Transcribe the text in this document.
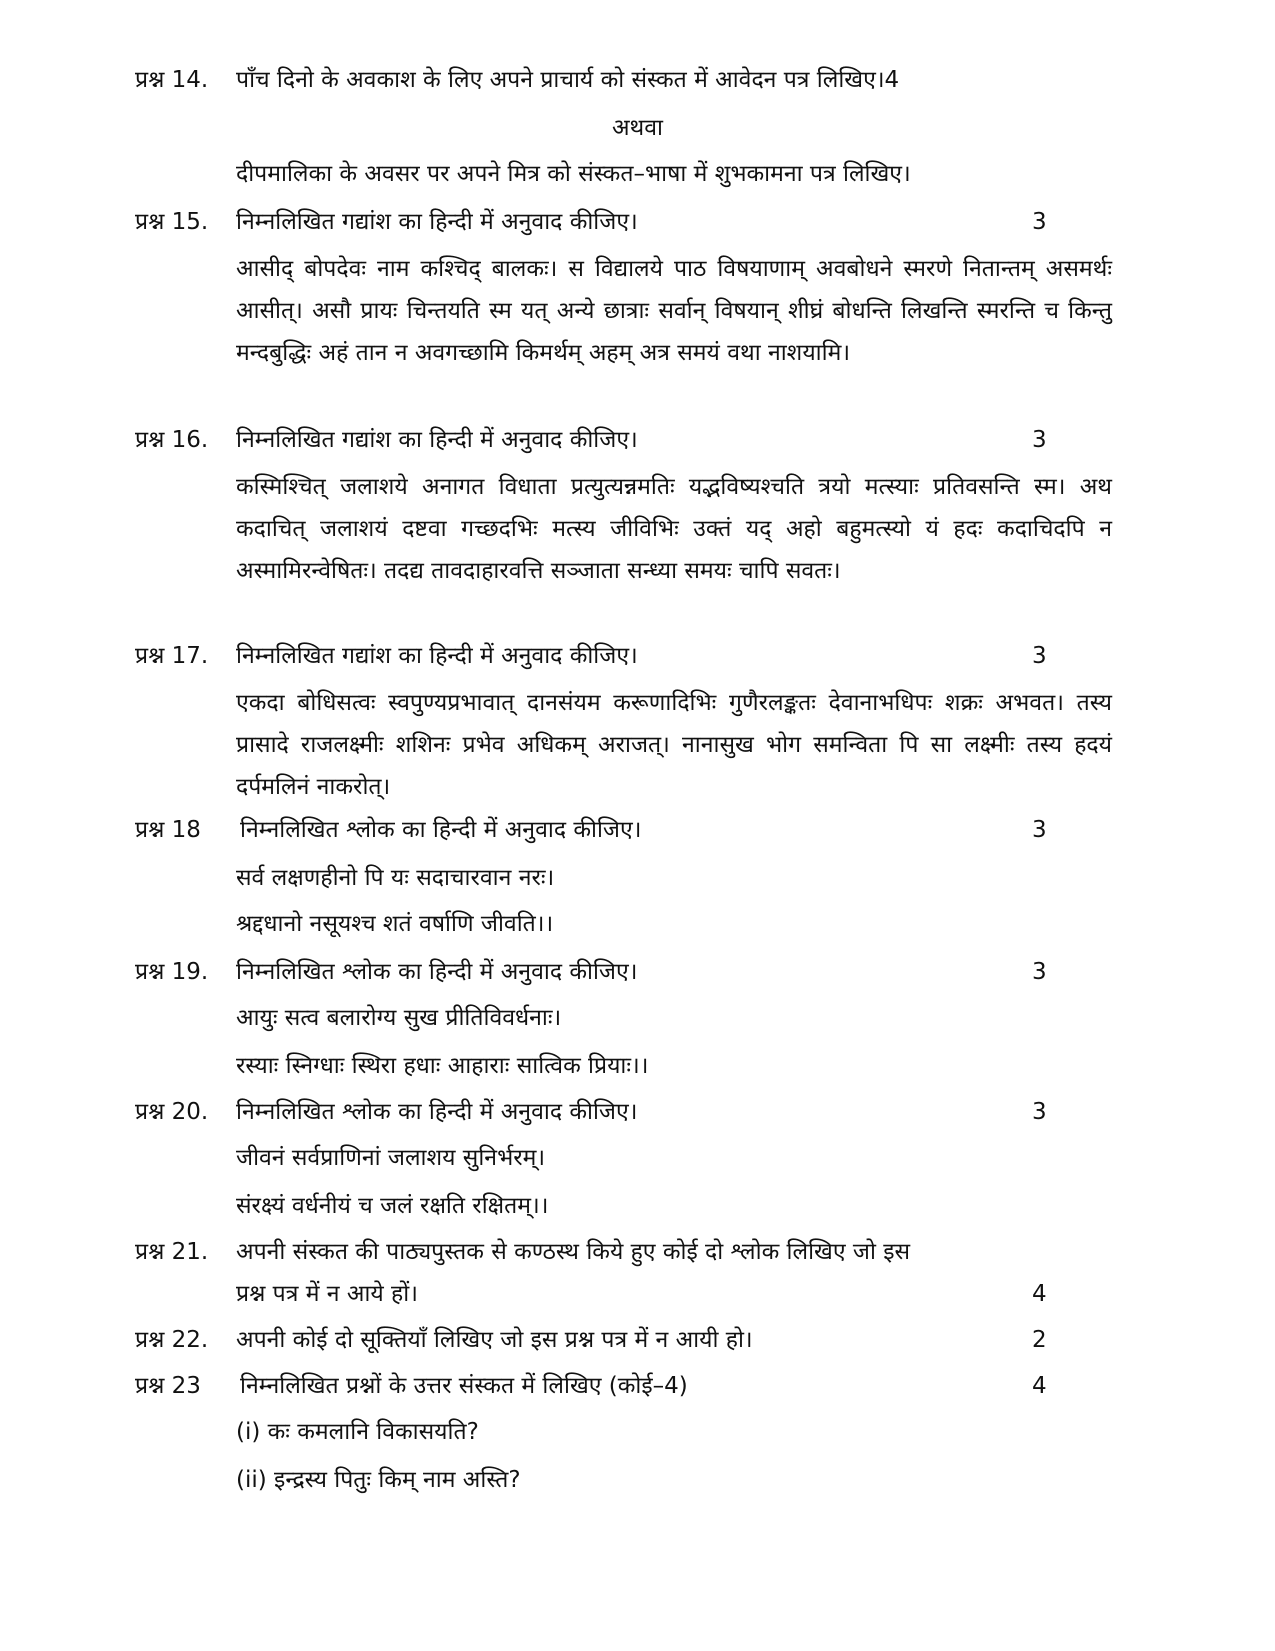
प्रश्न 14. पाँच दिनो के अवकाश के लिए अपने प्राचार्य को संस्कत में आवेदन पत्र लिखिए।4
अथवा
दीपमालिका के अवसर पर अपने मित्र को संस्कत–भाषा में शुभकामना पत्र लिखिए।
प्रश्न 15. निम्नलिखित गद्यांश का हिन्दी में अनुवाद कीजिए।	3
आसीद् बोपदेवः नाम कश्चिद् बालकः। स विद्यालये पाठ विषयाणाम् अवबोधने स्मरणे नितान्तम् असमर्थः आसीत्। असौ प्रायः चिन्तयति स्म यत् अन्ये छात्राः सर्वान् विषयान् शीघ्रं बोधन्ति लिखन्ति स्मरन्ति च किन्तु मन्दबुद्धिः अहं तान न अवगच्छामि किमर्थम् अहम् अत्र समयं वथा नाशयामि।
प्रश्न 16. निम्नलिखित गद्यांश का हिन्दी में अनुवाद कीजिए।	3
कस्मिश्चित् जलाशये अनागत विधाता प्रत्युत्यन्नमतिः यद्भविष्यश्चति त्रयो मत्स्याः प्रतिवसन्ति स्म। अथ कदाचित् जलाशयं दष्टवा गच्छदभिः मत्स्य जीविभिः उक्तं यद् अहो बहुमत्स्यो यं हदः कदाचिदपि न अस्मामिरन्वेषितः। तदद्य तावदाहारवत्ति सञ्जाता सन्ध्या समयः चापि सवतः।
प्रश्न 17. निम्नलिखित गद्यांश का हिन्दी में अनुवाद कीजिए।	3
एकदा बोधिसत्वः स्वपुण्यप्रभावात् दानसंयम करूणादिभिः गुणैरलङ्कतः देवानाभधिपः शक्रः अभवत। तस्य प्रासादे राजलक्ष्मीः शशिनः प्रभेव अधिकम् अराजत्। नानासुख भोग समन्विता पि सा लक्ष्मीः तस्य हदयं दर्पमलिनं नाकरोत्।
प्रश्न 18 निम्नलिखित श्लोक का हिन्दी में अनुवाद कीजिए।	3
सर्व लक्षणहीनो पि यः सदाचारवान नरः।
श्रद्दधानो नसूयश्च शतं वर्षाणि जीवति।।
प्रश्न 19. निम्नलिखित श्लोक का हिन्दी में अनुवाद कीजिए।	3
आयुः सत्व बलारोग्य सुख प्रीतिविवर्धनाः।
रस्याः स्निग्धाः स्थिरा हधाः आहाराः सात्विक प्रियाः।।
प्रश्न 20. निम्नलिखित श्लोक का हिन्दी में अनुवाद कीजिए।	3
जीवनं सर्वप्राणिनां जलाशय सुनिर्भरम्।
संरक्ष्यं वर्धनीयं च जलं रक्षति रक्षितम्।।
प्रश्न 21. अपनी संस्कत की पाठ्यपुस्तक से कण्ठस्थ किये हुए कोई दो श्लोक लिखिए जो इस
प्रश्न पत्र में न आये हों।	4
प्रश्न 22. अपनी कोई दो सूक्तियाँ लिखिए जो इस प्रश्न पत्र में न आयी हो।	2
प्रश्न 23 निम्नलिखित प्रश्नों के उत्तर संस्कत में लिखिए (कोई–4)	4
(i) कः कमलानि विकासयति?
(ii) इन्द्रस्य पितुः किम् नाम अस्ति?
